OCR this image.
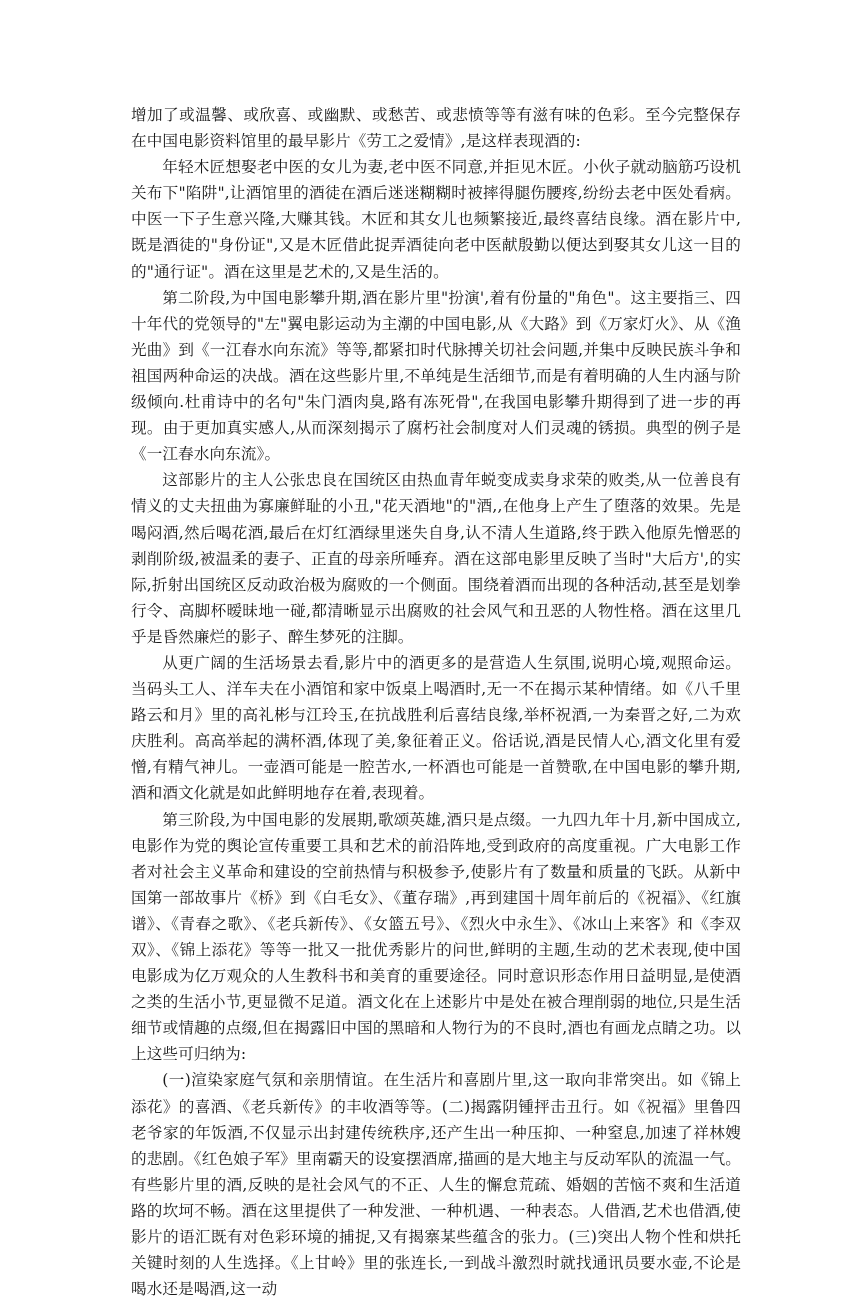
增加了或温馨、或欣喜、或幽默、或愁苦、或悲愤等等有滋有味的色彩。至今完整保存在中国电影资料馆里的最早影片《劳工之爱情》,是这样表现酒的:

年轻木匠想娶老中医的女儿为妻,老中医不同意,并拒见木匠。小伙子就动脑筋巧设机关布下"陷阱",让酒馆里的酒徒在酒后迷迷糊糊时被摔得腿伤腰疼,纷纷去老中医处看病。中医一下子生意兴隆,大赚其钱。木匠和其女儿也频繁接近,最终喜结良缘。酒在影片中,既是酒徒的"身份证",又是木匠借此捉弄酒徒向老中医献殷勤以便达到娶其女儿这一目的的"通行证"。酒在这里是艺术的,又是生活的。

第二阶段,为中国电影攀升期,酒在影片里"扮演',着有份量的"角色"。这主要指三、四十年代的党领导的"左"翼电影运动为主潮的中国电影,从《大路》到《万家灯火》、从《渔光曲》到《一江春水向东流》等等,都紧扣时代脉搏关切社会问题,并集中反映民族斗争和祖国两种命运的决战。酒在这些影片里,不单纯是生活细节,而是有着明确的人生内涵与阶级倾向.杜甫诗中的名句"朱门酒肉臭,路有冻死骨",在我国电影攀升期得到了进一步的再现。由于更加真实感人,从而深刻揭示了腐朽社会制度对人们灵魂的锈损。典型的例子是《一江春水向东流》。

这部影片的主人公张忠良在国统区由热血青年蜕变成卖身求荣的败类,从一位善良有情义的丈夫扭曲为寡廉鲜耻的小丑,"花天酒地"的"酒,,在他身上产生了堕落的效果。先是喝闷酒,然后喝花酒,最后在灯红酒绿里迷失自身,认不清人生道路,终于跌入他原先憎恶的剥削阶级,被温柔的妻子、正直的母亲所唾弃。酒在这部电影里反映了当时"大后方',的实际,折射出国统区反动政治极为腐败的一个侧面。围绕着酒而出现的各种活动,甚至是划拳行令、高脚杯暧昧地一碰,都清晰显示出腐败的社会风气和丑恶的人物性格。酒在这里几乎是昏然廉烂的影子、醉生梦死的注脚。

从更广阔的生活场景去看,影片中的酒更多的是营造人生氛围,说明心境,观照命运。当码头工人、洋车夫在小酒馆和家中饭桌上喝酒时,无一不在揭示某种情绪。如《八千里路云和月》里的高礼彬与江玲玉,在抗战胜利后喜结良缘,举杯祝酒,一为秦晋之好,二为欢庆胜利。高高举起的满杯酒,体现了美,象征着正义。俗话说,酒是民情人心,酒文化里有爱憎,有精气神儿。一壶酒可能是一腔苦水,一杯酒也可能是一首赞歌,在中国电影的攀升期,酒和酒文化就是如此鲜明地存在着,表现着。

第三阶段,为中国电影的发展期,歌颂英雄,酒只是点缀。一九四九年十月,新中国成立,电影作为党的舆论宣传重要工具和艺术的前沿阵地,受到政府的高度重视。广大电影工作者对社会主义革命和建设的空前热情与积极参予,使影片有了数量和质量的飞跃。从新中国第一部故事片《桥》到《白毛女》、《董存瑞》,再到建国十周年前后的《祝福》、《红旗谱》、《青春之歌》、《老兵新传》、《女篮五号》、《烈火中永生》、《冰山上来客》和《李双双》、《锦上添花》等等一批又一批优秀影片的问世,鲜明的主题,生动的艺术表现,使中国电影成为亿万观众的人生教科书和美育的重要途径。同时意识形态作用日益明显,是使酒之类的生活小节,更显微不足道。酒文化在上述影片中是处在被合理削弱的地位,只是生活细节或情趣的点缀,但在揭露旧中国的黑暗和人物行为的不良时,酒也有画龙点睛之功。以上这些可归纳为:

(一)渲染家庭气氛和亲朋情谊。在生活片和喜剧片里,这一取向非常突出。如《锦上添花》的喜酒、《老兵新传》的丰收酒等等。(二)揭露阴锺抨击丑行。如《祝福》里鲁四老爷家的年饭酒,不仅显示出封建传统秩序,还产生出一种压抑、一种窒息,加速了祥林嫂的悲剧。《红色娘子军》里南霸天的设宴摆酒席,描画的是大地主与反动军队的流温一气。有些影片里的酒,反映的是社会风气的不正、人生的懈怠荒疏、婚姻的苦恼不爽和生活道路的坎坷不畅。酒在这里提供了一种发泄、一种机遇、一种表态。人借酒,艺术也借酒,使影片的语汇既有对色彩环境的捕捉,又有揭寨某些蕴含的张力。(三)突出人物个性和烘托关键时刻的人生选择。《上甘岭》里的张连长,一到战斗激烈时就找通讯员要水壶,不论是喝水还是喝酒,这一动
